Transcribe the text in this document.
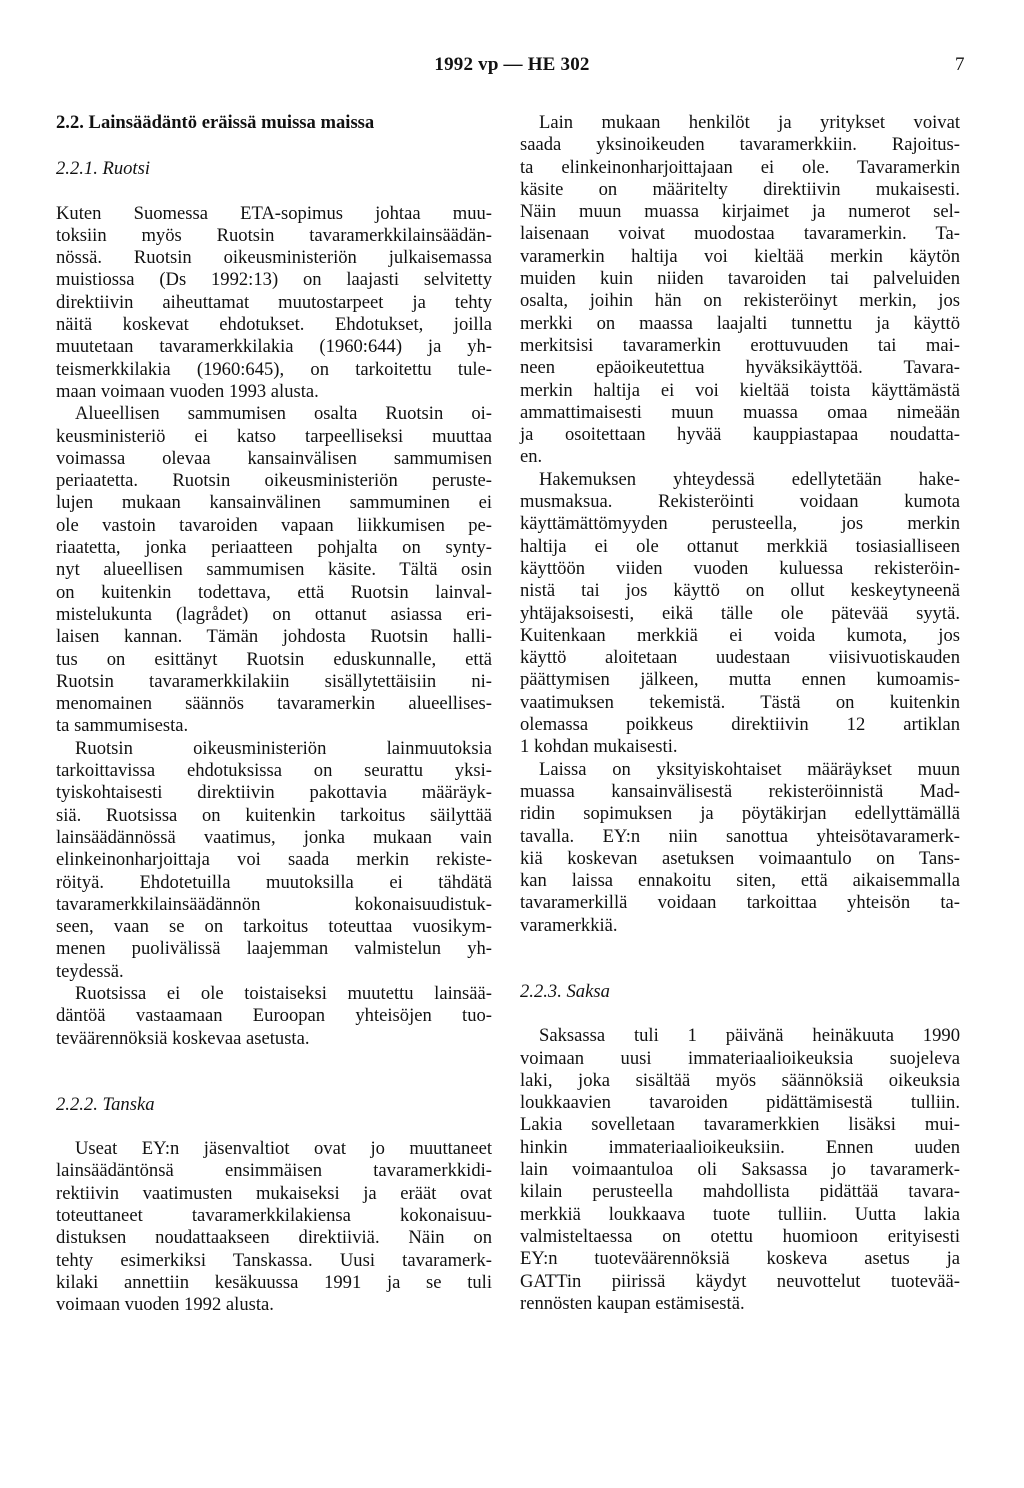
1992 vp — HE 302	7

2.2. Lainsäädäntö eräissä muissa maissa

2.2.1. Ruotsi

Kuten Suomessa ETA-sopimus johtaa muu-
toksiin myös Ruotsin tavaramerkkilainsäädän-
nössä. Ruotsin oikeusministeriön julkaisemassa
muistiossa (Ds 1992:13) on laajasti selvitetty
direktiivin aiheuttamat muutostarpeet ja tehty
näitä koskevat ehdotukset. Ehdotukset, joilla
muutetaan tavaramerkkilakia (1960:644) ja yh-
teismerkkilakia (1960:645), on tarkoitettu tule-
maan voimaan vuoden 1993 alusta.

Alueellisen sammumisen osalta Ruotsin oi-
keusministeriö ei katso tarpeelliseksi muuttaa
voimassa olevaa kansainvälisen sammumisen
periaatetta. Ruotsin oikeusministeriön peruste-
lujen mukaan kansainvälinen sammuminen ei
ole vastoin tavaroiden vapaan liikkumisen pe-
riaatetta, jonka periaatteen pohjalta on synty-
nyt alueellisen sammumisen käsite. Tältä osin
on kuitenkin todettava, että Ruotsin lainval-
mistelukunta (lagrådet) on ottanut asiassa eri-
laisen kannan. Tämän johdosta Ruotsin halli-
tus on esittänyt Ruotsin eduskunnalle, että
Ruotsin tavaramerkkilakiin sisällytettäisiin ni-
menomainen säännös tavaramerkin alueellises-
ta sammumisesta.

Ruotsin oikeusministeriön lainmuutoksia
tarkoittavissa ehdotuksissa on seurattu yksi-
tyiskohtaisesti direktiivin pakottavia määräyk-
siä. Ruotsissa on kuitenkin tarkoitus säilyttää
lainsäädännössä vaatimus, jonka mukaan vain
elinkeinonharjoittaja voi saada merkin rekiste-
röityä. Ehdotetuilla muutoksilla ei tähdätä
tavaramerkkilainsäädännön kokonaisuudistuk-
seen, vaan se on tarkoitus toteuttaa vuosikym-
menen puolivälissä laajemman valmistelun yh-
teydessä.

Ruotsissa ei ole toistaiseksi muutettu lainsää-
däntöä vastaamaan Euroopan yhteisöjen tuo-
teväärennöksiä koskevaa asetusta.

2.2.2. Tanska

Useat EY:n jäsenvaltiot ovat jo muuttaneet
lainsäädäntönsä ensimmäisen tavaramerkkidi-
rektiivin vaatimusten mukaiseksi ja eräät ovat
toteuttaneet tavaramerkkilakiensa kokonaisuu-
distuksen noudattaakseen direktiiviä. Näin on
tehty esimerkiksi Tanskassa. Uusi tavaramerk-
kilaki annettiin kesäkuussa 1991 ja se tuli
voimaan vuoden 1992 alusta.

Lain mukaan henkilöt ja yritykset voivat
saada yksinoikeuden tavaramerkkiin. Rajoitus-
ta elinkeinonharjoittajaan ei ole. Tavaramerkin
käsite on määritelty direktiivin mukaisesti.
Näin muun muassa kirjaimet ja numerot sel-
laisenaan voivat muodostaa tavaramerkin. Ta-
varamerkin haltija voi kieltää merkin käytön
muiden kuin niiden tavaroiden tai palveluiden
osalta, joihin hän on rekisteröinyt merkin, jos
merkki on maassa laajalti tunnettu ja käyttö
merkitsisi tavaramerkin erottuvuuden tai mai-
neen epäoikeutettua hyväksikäyttöä. Tavara-
merkin haltija ei voi kieltää toista käyttämästä
ammattimaisesti muun muassa omaa nimeään
ja osoitettaan hyvää kauppiastapaa noudatta-
en.

Hakemuksen yhteydessä edellytetään hake-
musmaksua. Rekisteröinti voidaan kumota
käyttämättömyyden perusteella, jos merkin
haltija ei ole ottanut merkkiä tosiasialliseen
käyttöön viiden vuoden kuluessa rekisteröin-
nistä tai jos käyttö on ollut keskeytyneenä
yhtäjaksoisesti, eikä tälle ole pätevää syytä.
Kuitenkaan merkkiä ei voida kumota, jos
käyttö aloitetaan uudestaan viisivuotiskauden
päättymisen jälkeen, mutta ennen kumoamis-
vaatimuksen tekemistä. Tästä on kuitenkin
olemassa poikkeus direktiivin 12 artiklan
1 kohdan mukaisesti.

Laissa on yksityiskohtaiset määräykset muun
muassa kansainvälisestä rekisteröinnistä Mad-
ridin sopimuksen ja pöytäkirjan edellyttämällä
tavalla. EY:n niin sanottua yhteisötavaramerk-
kiä koskevan asetuksen voimaantulo on Tans-
kan laissa ennakoitu siten, että aikaisemmalla
tavaramerkillä voidaan tarkoittaa yhteisön ta-
varamerkkiä.

2.2.3. Saksa

Saksassa tuli 1 päivänä heinäkuuta 1990
voimaan uusi immateriaalioikeuksia suojeleva
laki, joka sisältää myös säännöksiä oikeuksia
loukkaavien tavaroiden pidättämisestä tulliin.
Lakia sovelletaan tavaramerkkien lisäksi mui-
hinkin immateriaalioikeuksiin. Ennen uuden
lain voimaantuloa oli Saksassa jo tavaramerk-
kilain perusteella mahdollista pidättää tavara-
merkkiä loukkaava tuote tulliin. Uutta lakia
valmisteltaessa on otettu huomioon erityisesti
EY:n tuoteväärennöksiä koskeva asetus ja
GATTin piirissä käydyt neuvottelut tuotevää-
rennösten kaupan estämisestä.
